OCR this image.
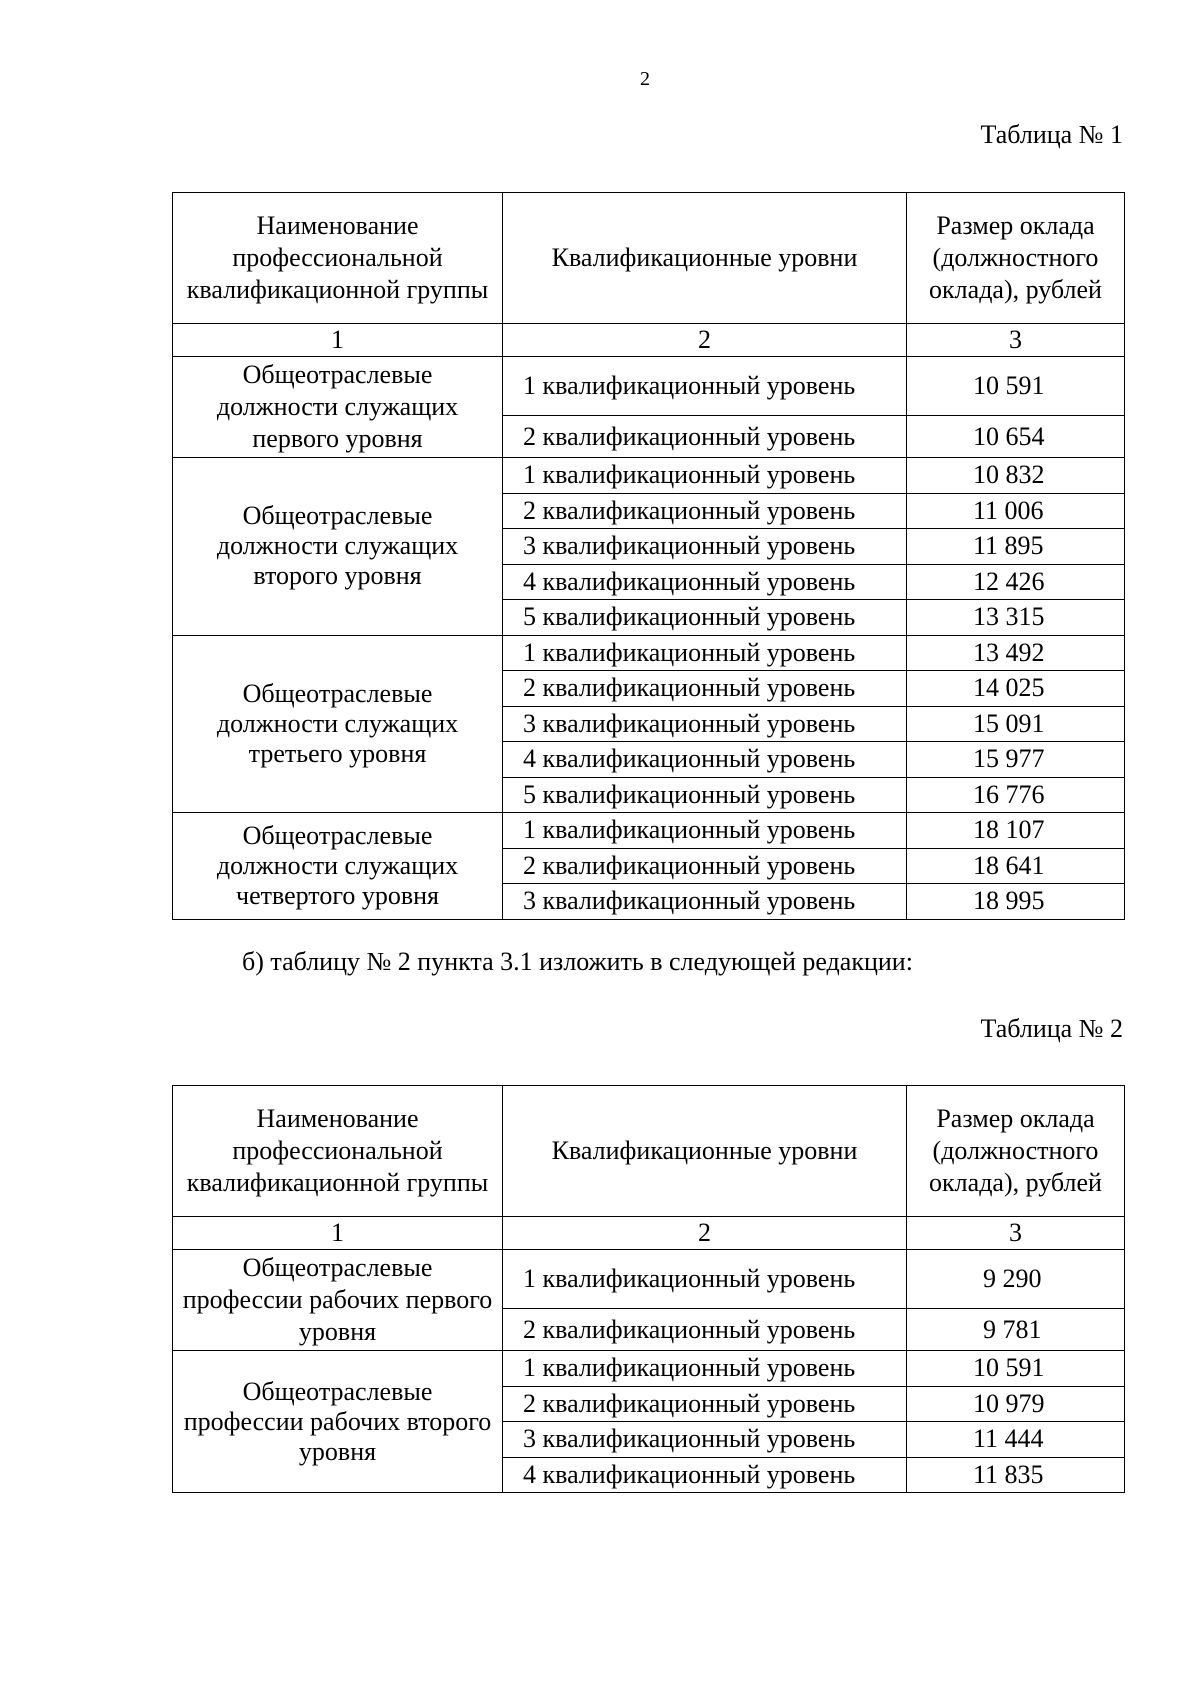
2
Таблица № 1
Наименование профессиональной квалификационной группы	Квалификационные уровни	Размер оклада (должностного оклада), рублей
1	2	3
Общеотраслевые должности служащих первого уровня	1 квалификационный уровень	10 591
	2 квалификационный уровень	10 654
Общеотраслевые должности служащих второго уровня	1 квалификационный уровень	10 832
	2 квалификационный уровень	11 006
	3 квалификационный уровень	11 895
	4 квалификационный уровень	12 426
	5 квалификационный уровень	13 315
Общеотраслевые должности служащих третьего уровня	1 квалификационный уровень	13 492
	2 квалификационный уровень	14 025
	3 квалификационный уровень	15 091
	4 квалификационный уровень	15 977
	5 квалификационный уровень	16 776
Общеотраслевые должности служащих четвертого уровня	1 квалификационный уровень	18 107
	2 квалификационный уровень	18 641
	3 квалификационный уровень	18 995
б) таблицу № 2 пункта 3.1 изложить в следующей редакции:
Таблица № 2
Наименование профессиональной квалификационной группы	Квалификационные уровни	Размер оклада (должностного оклада), рублей
1	2	3
Общеотраслевые профессии рабочих первого уровня	1 квалификационный уровень	9 290
	2 квалификационный уровень	9 781
Общеотраслевые профессии рабочих второго уровня	1 квалификационный уровень	10 591
	2 квалификационный уровень	10 979
	3 квалификационный уровень	11 444
	4 квалификационный уровень	11 835
